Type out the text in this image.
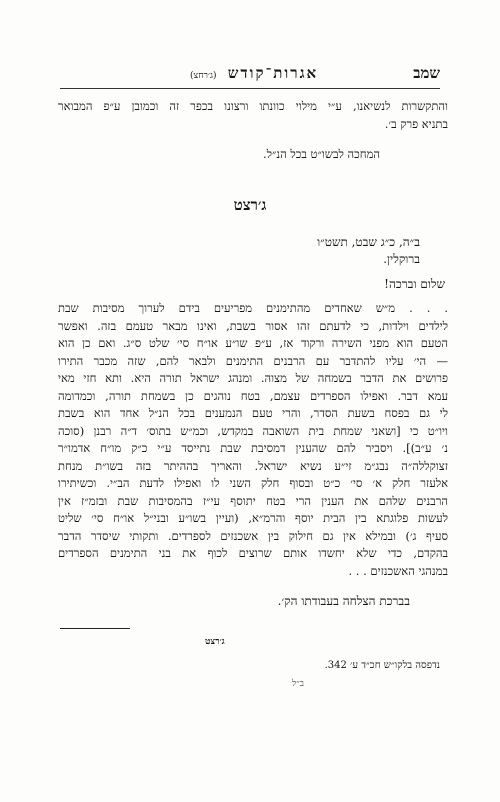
שמב
אגרות־קודש (ג׳רחצ)
והתקשרות לנשיאנו, ע״י מילוי כוונתו ורצונו בכפר זה וכמובן ע״פ המבואר
בתניא פרק ב׳.
המחכה לבשו״ט בכל הנ״ל.
ג׳רצט
ב״ה, כ״ג שבט, תשט״ו
ברוקלין.
שלום וברכה!
. . . מ״ש שאחדים מהתימנים מפריעים בידם לערוך מסיבות שבת
לילדים וילדות, כי לדעתם זהו אסור בשבת, ואינו מבאר טעמם בזה. ואפשר
הטעם הוא מפני השירה ורקוד אז, ע״פ שו״ע או״ח סי׳ שלט ס״ג. ואם כן הוא
— הי׳ עליו להתדבר עם הרבנים התימנים ולבאר להם, שזה מכבר התירו
פרושים את הדבר בשמחה של מצוה. ומנהג ישראל תורה היא. ותא חזי מאי
עמא דבר. ואפילו הספרדים עצמם, בטח נוהגים כן בשמחת תורה, וכמדומה
לי גם בפסח בשעת הסדר, והרי טעם הנמענים בכל הנ״ל אחד הוא בשבת
ויו״ט כי [ושאני שמחת בית השואבה במקדש, וכמ״ש בתוס׳ ד״ה רבנן (סוכה
נ׳ ע״ב)]. ויסביר להם שהענין דמסיבת שבת נתייסד ע״י כ״ק מו״ח אדמו״ר
זצוקללה״ה נבג״מ זי״ע נשיא ישראל. והאריך בההיתר בזה בשו״ת מנחת
אלעזר חלק א׳ סי׳ כ״ט ובסוף חלק השני לו ואפילו לדעת הב״י. וכשיתירו
הרבנים שלהם את הענין הרי בטח יתוסף עי״ז בהמסיבות שבת ובזמ״ז אין
לעשות פלוגתא בין הבית יוסף והרמ״א, (ועיין בשו״ע ובני״ל או״ח סי׳ שליט
סעיף ג׳) ובמילא אין גם חילוק בין אשכנזים לספרדים. ותקותי שיסדר הדבר
בהקדם, כדי שלא יחשדו אותם שרוצים לכוף את בני התימנים הספרדים
במנהגי האשכנזים . . .
בברכת הצלחה בעבודתו הק׳.
ג׳רצט
נדפסה בלקו״ש חכ״ד ע׳ 342.
ב״ל
